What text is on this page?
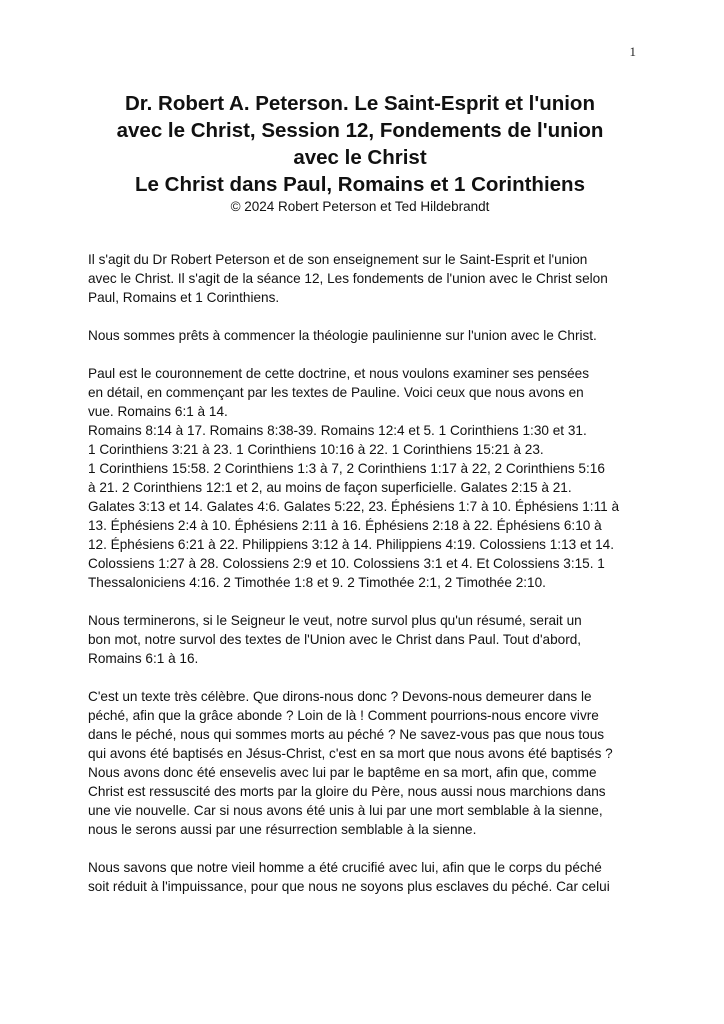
1
Dr. Robert A. Peterson. Le Saint-Esprit et l'union
avec le Christ, Session 12, Fondements de l'union
avec le Christ
Le Christ dans Paul, Romains et 1 Corinthiens
© 2024 Robert Peterson et Ted Hildebrandt

Il s'agit du Dr Robert Peterson et de son enseignement sur le Saint-Esprit et l'union
avec le Christ. Il s'agit de la séance 12, Les fondements de l'union avec le Christ selon
Paul, Romains et 1 Corinthiens.

Nous sommes prêts à commencer la théologie paulinienne sur l'union avec le Christ.

Paul est le couronnement de cette doctrine, et nous voulons examiner ses pensées
en détail, en commençant par les textes de Pauline. Voici ceux que nous avons en
vue. Romains 6:1 à 14.
Romains 8:14 à 17. Romains 8:38-39. Romains 12:4 et 5. 1 Corinthiens 1:30 et 31.
1 Corinthiens 3:21 à 23. 1 Corinthiens 10:16 à 22. 1 Corinthiens 15:21 à 23.
1 Corinthiens 15:58. 2 Corinthiens 1:3 à 7, 2 Corinthiens 1:17 à 22, 2 Corinthiens 5:16
à 21. 2 Corinthiens 12:1 et 2, au moins de façon superficielle. Galates 2:15 à 21.
Galates 3:13 et 14. Galates 4:6. Galates 5:22, 23. Éphésiens 1:7 à 10. Éphésiens 1:11 à
13. Éphésiens 2:4 à 10. Éphésiens 2:11 à 16. Éphésiens 2:18 à 22. Éphésiens 6:10 à
12. Éphésiens 6:21 à 22. Philippiens 3:12 à 14. Philippiens 4:19. Colossiens 1:13 et 14.
Colossiens 1:27 à 28. Colossiens 2:9 et 10. Colossiens 3:1 et 4. Et Colossiens 3:15. 1
Thessaloniciens 4:16. 2 Timothée 1:8 et 9. 2 Timothée 2:1, 2 Timothée 2:10.

Nous terminerons, si le Seigneur le veut, notre survol plus qu'un résumé, serait un
bon mot, notre survol des textes de l'Union avec le Christ dans Paul. Tout d'abord,
Romains 6:1 à 16.

C'est un texte très célèbre. Que dirons-nous donc ? Devons-nous demeurer dans le
péché, afin que la grâce abonde ? Loin de là ! Comment pourrions-nous encore vivre
dans le péché, nous qui sommes morts au péché ? Ne savez-vous pas que nous tous
qui avons été baptisés en Jésus-Christ, c'est en sa mort que nous avons été baptisés ?
Nous avons donc été ensevelis avec lui par le baptême en sa mort, afin que, comme
Christ est ressuscité des morts par la gloire du Père, nous aussi nous marchions dans
une vie nouvelle. Car si nous avons été unis à lui par une mort semblable à la sienne,
nous le serons aussi par une résurrection semblable à la sienne.

Nous savons que notre vieil homme a été crucifié avec lui, afin que le corps du péché
soit réduit à l'impuissance, pour que nous ne soyons plus esclaves du péché. Car celui
